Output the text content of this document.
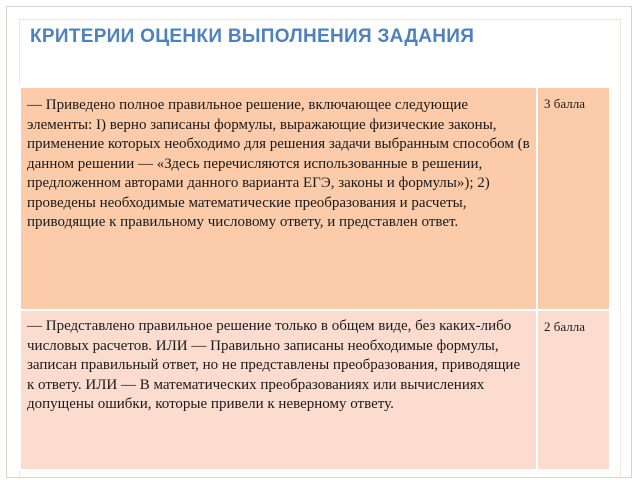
КРИТЕРИИ ОЦЕНКИ ВЫПОЛНЕНИЯ ЗАДАНИЯ
— Приведено полное правильное решение, включающее следующие элементы: I) верно записаны формулы, выражающие физические законы, применение которых необходимо для решения задачи выбранным способом (в данном решении — «Здесь перечисляются использованные в решении, предложенном авторами данного варианта ЕГЭ, законы и формулы»); 2) проведены необходимые математические преобразования и расчеты, приводящие к правильному числовому ответу, и представлен ответ.	3 балла
— Представлено правильное решение только в общем виде, без каких-либо числовых расчетов. ИЛИ — Правильно записаны необходимые формулы, записан правильный ответ, но не представлены преобразования, приводящие к ответу. ИЛИ — В математических преобразованиях или вычислениях допущены ошибки, которые привели к неверному ответу.	2 балла
